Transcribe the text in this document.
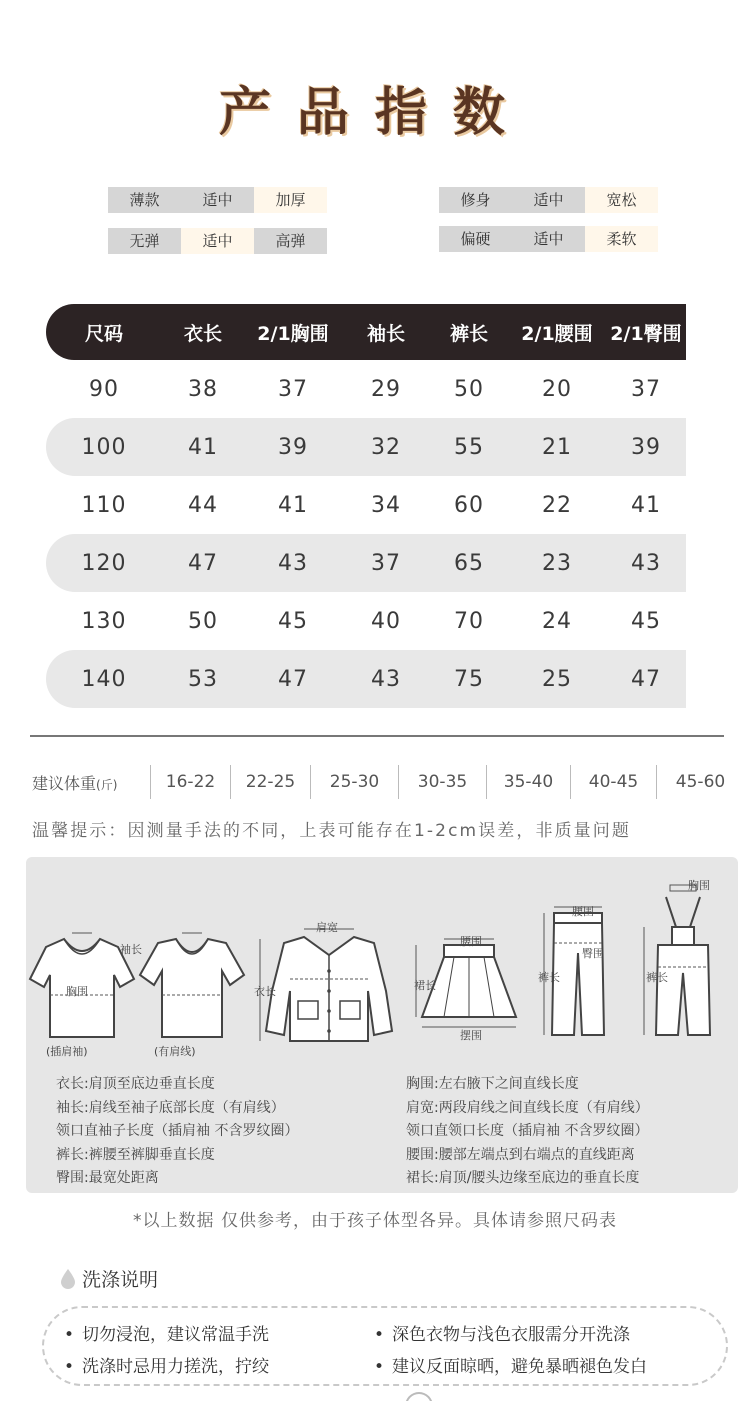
产品指数
薄款	适中	加厚
无弹	适中	高弹
修身	适中	宽松
偏硬	适中	柔软
尺码	衣长	2/1胸围	袖长	裤长	2/1腰围 2/1臀围
90	38	37	29	50	20	37
100	41	39	32	55	21	39
110	44	41	34	60	22	41
120	47	43	37	65	23	43
130	50	45	40	70	24	45
140	53	47	43	75	25	47
建议体重(斤)	16-22	22-25	25-30	30-35	35-40	40-45	45-60
温馨提示：因测量手法的不同，上表可能存在1-2cm误差，非质量问题
(插肩袖)	(有肩线)
胸围
袖长
肩宽
衣长
腰围
摆围
裙长
腰围
臀围
裤长
胸围
裤长
衣长:肩顶至底边垂直长度
袖长:肩线至袖子底部长度（有肩线）
领口直袖子长度（插肩袖 不含罗纹圈）
裤长:裤腰至裤脚垂直长度
臀围:最宽处距离
胸围:左右腋下之间直线长度
肩宽:两段肩线之间直线长度（有肩线）
领口直领口长度（插肩袖 不含罗纹圈）
腰围:腰部左端点到右端点的直线距离
裙长:肩顶/腰头边缘至底边的垂直长度
*以上数据 仅供参考，由于孩子体型各异。具体请参照尺码表
洗涤说明
• 切勿浸泡，建议常温手洗	• 深色衣物与浅色衣服需分开洗涤
• 洗涤时忌用力搓洗，拧绞	• 建议反面晾晒，避免暴晒褪色发白
